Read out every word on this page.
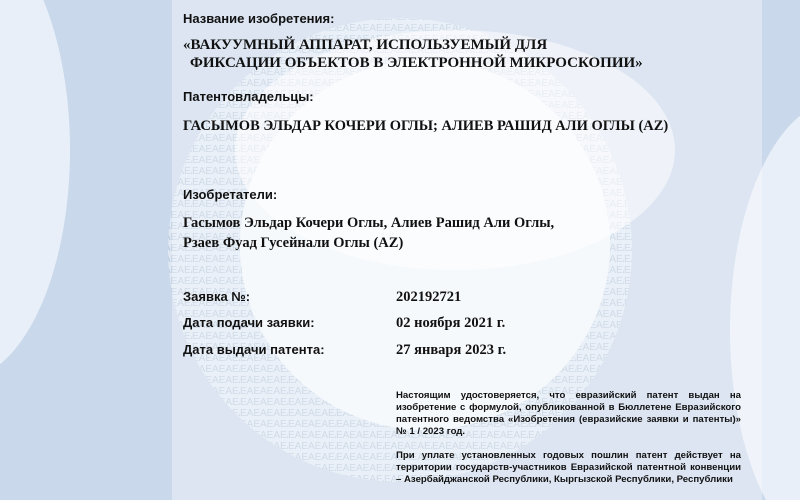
Название изобретения:
«ВАКУУМНЫЙ АППАРАТ, ИСПОЛЬЗУЕМЫЙ ДЛЯ
ФИКСАЦИИ ОБЪЕКТОВ В ЭЛЕКТРОННОЙ МИКРОСКОПИИ»
Патентовладельцы:
ГАСЫМОВ ЭЛЬДАР КОЧЕРИ ОГЛЫ; АЛИЕВ РАШИД АЛИ ОГЛЫ (AZ)
Изобретатели:
Гасымов Эльдар Кочери Оглы, Алиев Рашид Али Оглы,
Рзаев Фуад Гусейнали Оглы (AZ)
Заявка №:	202192721
Дата подачи заявки:	02 ноября 2021 г.
Дата выдачи патента:	27 января 2023 г.

Настоящим удостоверяется, что евразийский патент выдан на изобретение с формулой, опубликованной в Бюллетене Евразийского патентного ведомства «Изобретения (евразийские заявки и патенты)» № 1 / 2023 год.

При уплате установленных годовых пошлин патент действует на территории государств-участников Евразийской патентной конвенции – Азербайджанской Республики, Кыргызской Республики, Республики
